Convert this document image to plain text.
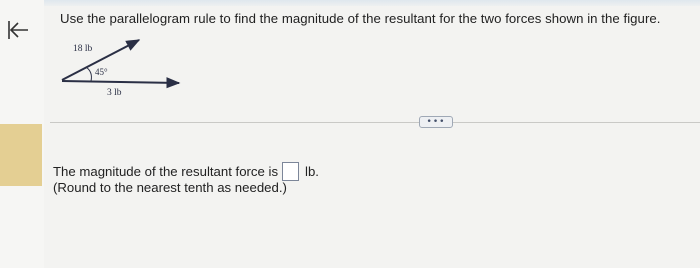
Use the parallelogram rule to find the magnitude of the resultant for the two forces shown in the figure.
18 lb
45°
3 lb
•••
The magnitude of the resultant force is lb.
(Round to the nearest tenth as needed.)
